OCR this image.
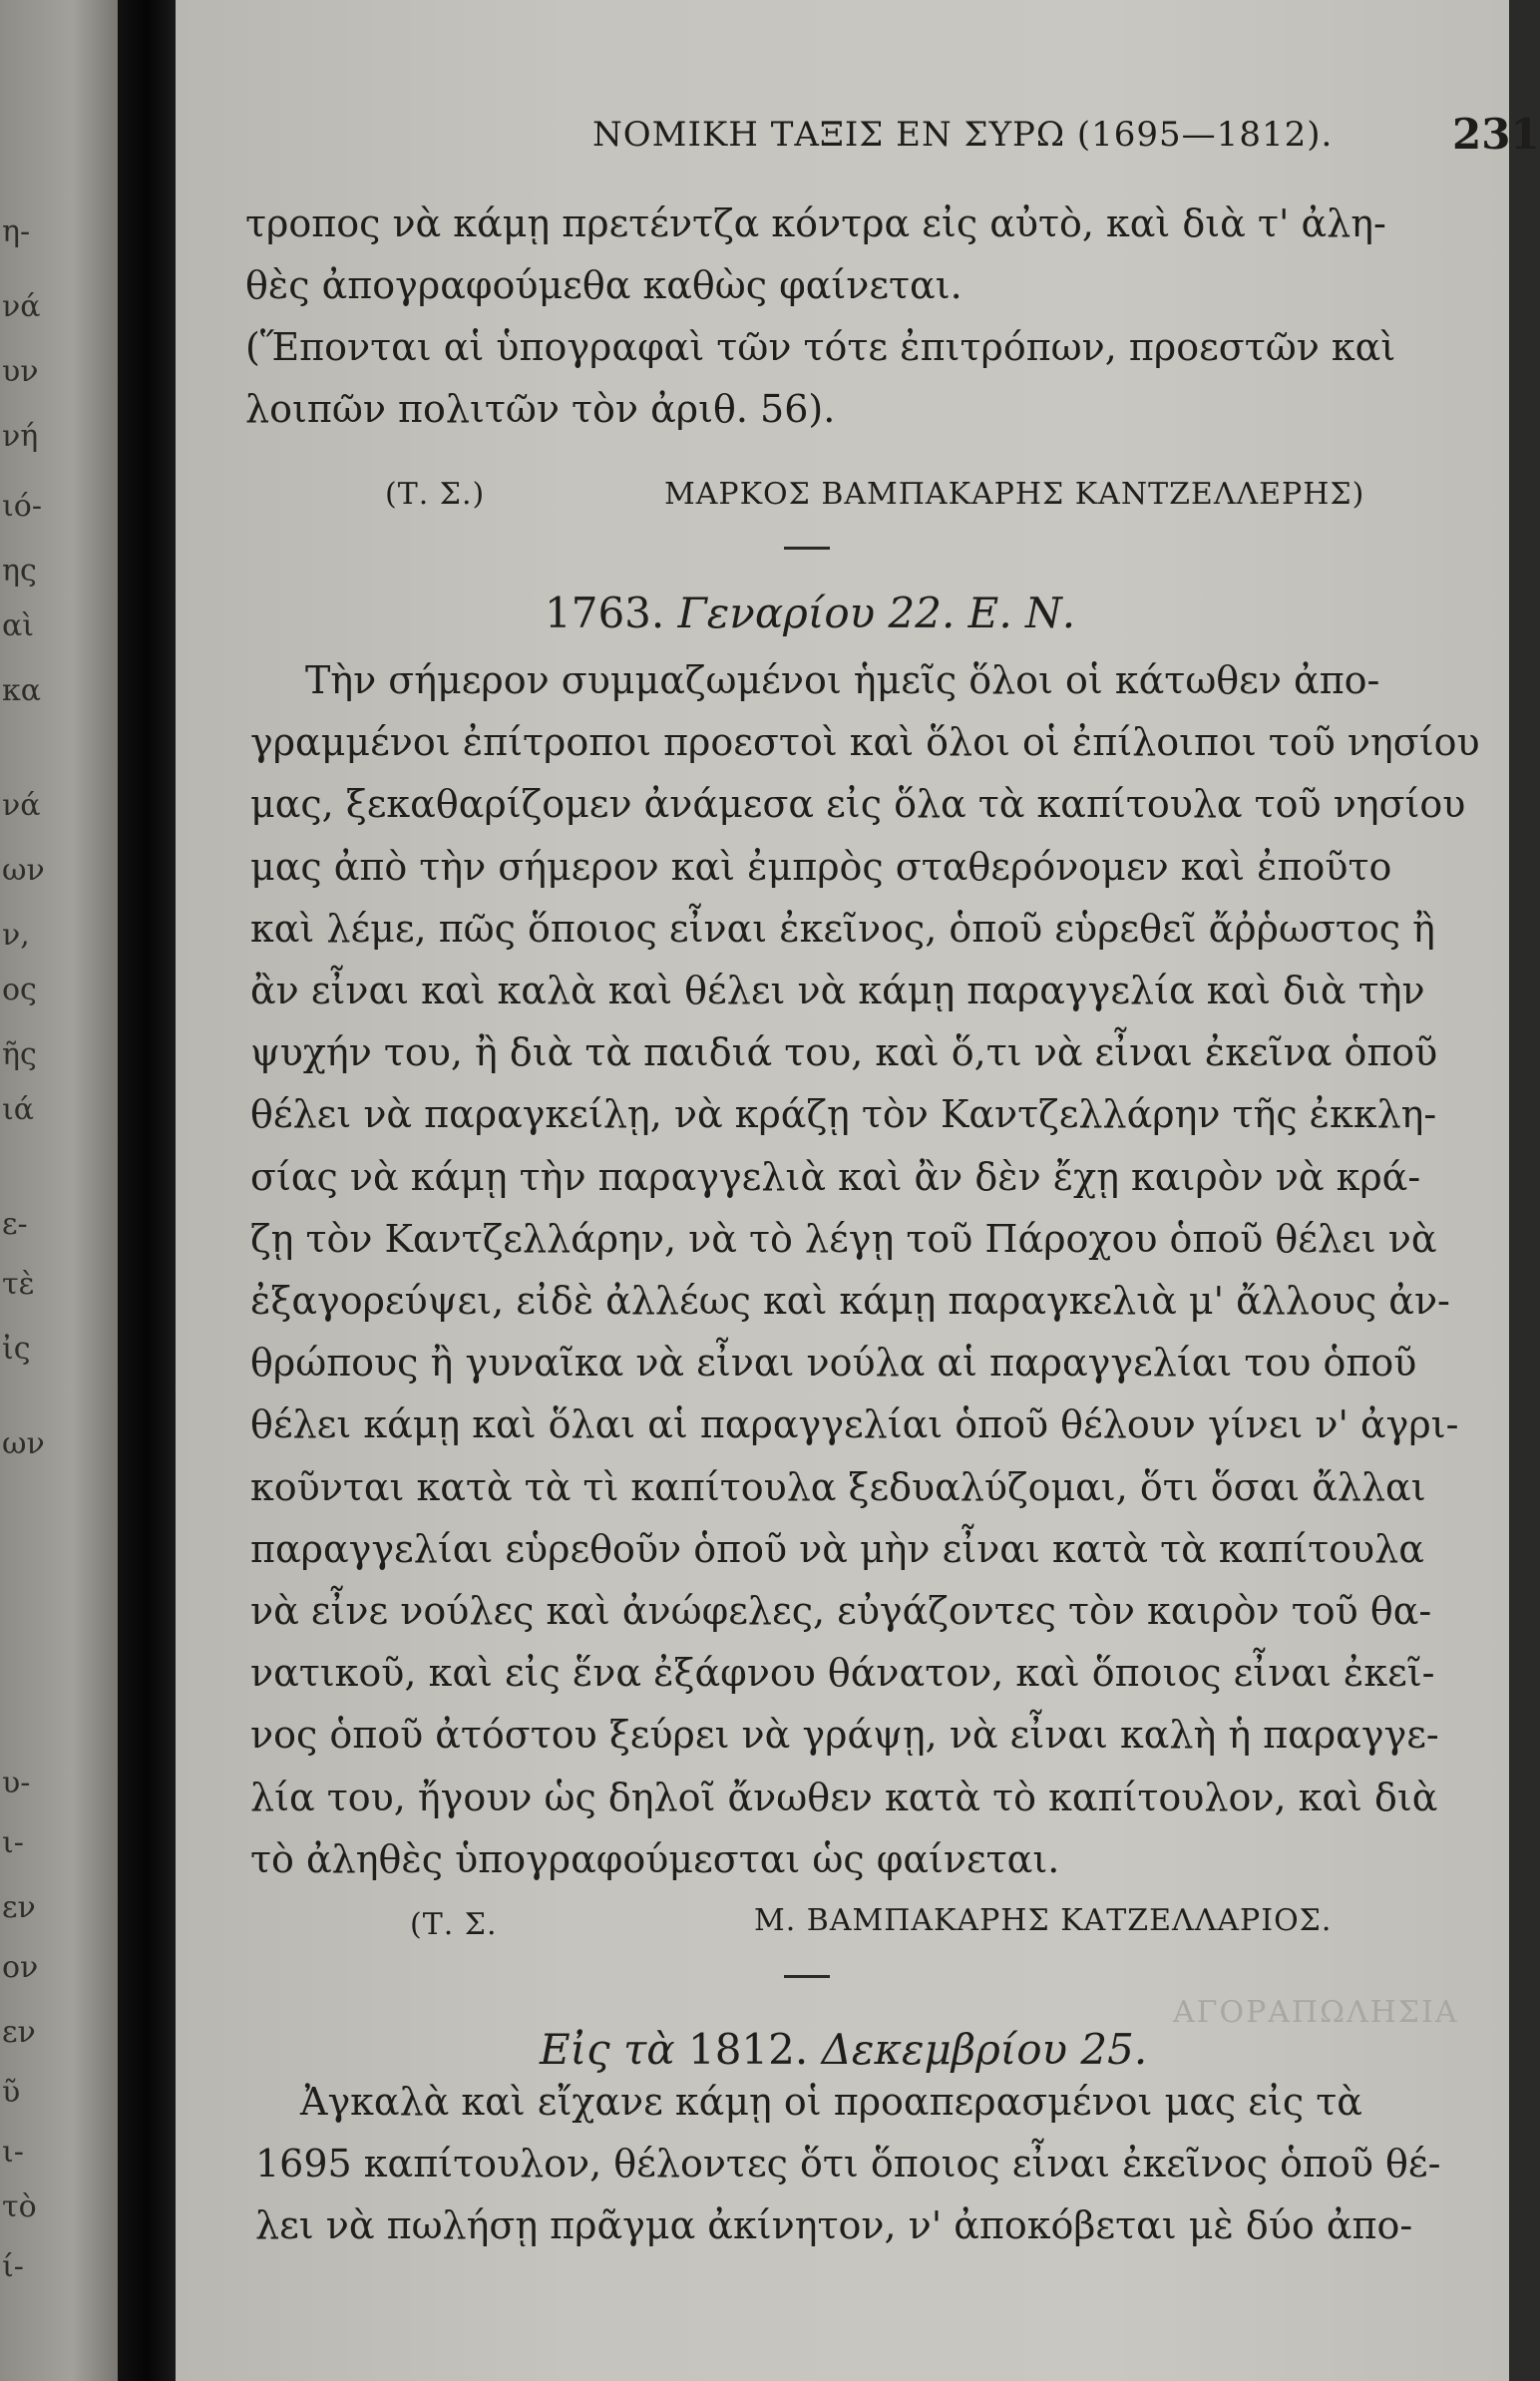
η-
νά
υν
νή
ιό-
ης
αὶ
κα
νά
ων
ν,
ος
ῆς
ιά
ε-
τὲ
ἰς
ων
υ-
ι-
εν
ον
εν
ῦ
ι-
τὸ
ί-
ΝΟΜΙΚΗ ΤΑΞΙΣ ΕΝ ΣΥΡΩ (1695—1812).	231
τροπος νὰ κάμῃ πρετέντζα κόντρα εἰς αὐτὸ, καὶ διὰ τ' ἀλη-
θὲς ἀπογραφούμεθα καθὼς φαίνεται.
(Ἕπονται αἱ ὑπογραφαὶ τῶν τότε ἐπιτρόπων, προεστῶν καὶ
λοιπῶν πολιτῶν τὸν ἀριθ. 56).
(Τ. Σ.)	ΜΑΡΚΟΣ ΒΑΜΠΑΚΑΡΗΣ ΚΑΝΤΖΕΛΛΕΡΗΣ)
1763. Γεναρίου 22. Ε. Ν.
Τὴν σήμερον συμμαζωμένοι ἡμεῖς ὅλοι οἱ κάτωθεν ἀπο-
γραμμένοι ἐπίτροποι προεστοὶ καὶ ὅλοι οἱ ἐπίλοιποι τοῦ νησίου
μας, ξεκαθαρίζομεν ἀνάμεσα εἰς ὅλα τὰ καπίτουλα τοῦ νησίου
μας ἀπὸ τὴν σήμερον καὶ ἐμπρὸς σταθερόνομεν καὶ ἐποῦτο
καὶ λέμε, πῶς ὅποιος εἶναι ἐκεῖνος, ὁποῦ εὑρεθεῖ ἄῤῥωστος ἢ
ἂν εἶναι καὶ καλὰ καὶ θέλει νὰ κάμῃ παραγγελία καὶ διὰ τὴν
ψυχήν του, ἢ διὰ τὰ παιδιά του, καὶ ὅ,τι νὰ εἶναι ἐκεῖνα ὁποῦ
θέλει νὰ παραγκείλῃ, νὰ κράζῃ τὸν Καντζελλάρην τῆς ἐκκλη-
σίας νὰ κάμῃ τὴν παραγγελιὰ καὶ ἂν δὲν ἔχῃ καιρὸν νὰ κρά-
ζῃ τὸν Καντζελλάρην, νὰ τὸ λέγῃ τοῦ Πάροχου ὁποῦ θέλει νὰ
ἐξαγορεύψει, εἰδὲ ἀλλέως καὶ κάμῃ παραγκελιὰ μ' ἄλλους ἀν-
θρώπους ἢ γυναῖκα νὰ εἶναι νούλα αἱ παραγγελίαι του ὁποῦ
θέλει κάμῃ καὶ ὅλαι αἱ παραγγελίαι ὁποῦ θέλουν γίνει ν' ἀγρι-
κοῦνται κατὰ τὰ τὶ καπίτουλα ξεδυαλύζομαι, ὅτι ὅσαι ἄλλαι
παραγγελίαι εὑρεθοῦν ὁποῦ νὰ μὴν εἶναι κατὰ τὰ καπίτουλα
νὰ εἶνε νούλες καὶ ἀνώφελες, εὐγάζοντες τὸν καιρὸν τοῦ θα-
νατικοῦ, καὶ εἰς ἕνα ἐξάφνου θάνατον, καὶ ὅποιος εἶναι ἐκεῖ-
νος ὁποῦ ἀτόστου ξεύρει νὰ γράψῃ, νὰ εἶναι καλὴ ἡ παραγγε-
λία του, ἤγουν ὡς δηλοῖ ἄνωθεν κατὰ τὸ καπίτουλον, καὶ διὰ
τὸ ἀληθὲς ὑπογραφούμεσται ὡς φαίνεται.
(Τ. Σ.	Μ. ΒΑΜΠΑΚΑΡΗΣ ΚΑΤΖΕΛΛΑΡΙΟΣ.
ΑΓΟΡΑΠΩΛΗΣΙΑ
Εἰς τὰ 1812. Δεκεμβρίου 25.
Ἀγκαλὰ καὶ εἴχανε κάμῃ οἱ προαπερασμένοι μας εἰς τὰ
1695 καπίτουλον, θέλοντες ὅτι ὅποιος εἶναι ἐκεῖνος ὁποῦ θέ-
λει νὰ πωλήσῃ πρᾶγμα ἀκίνητον, ν' ἀποκόβεται μὲ δύο ἀπο-
